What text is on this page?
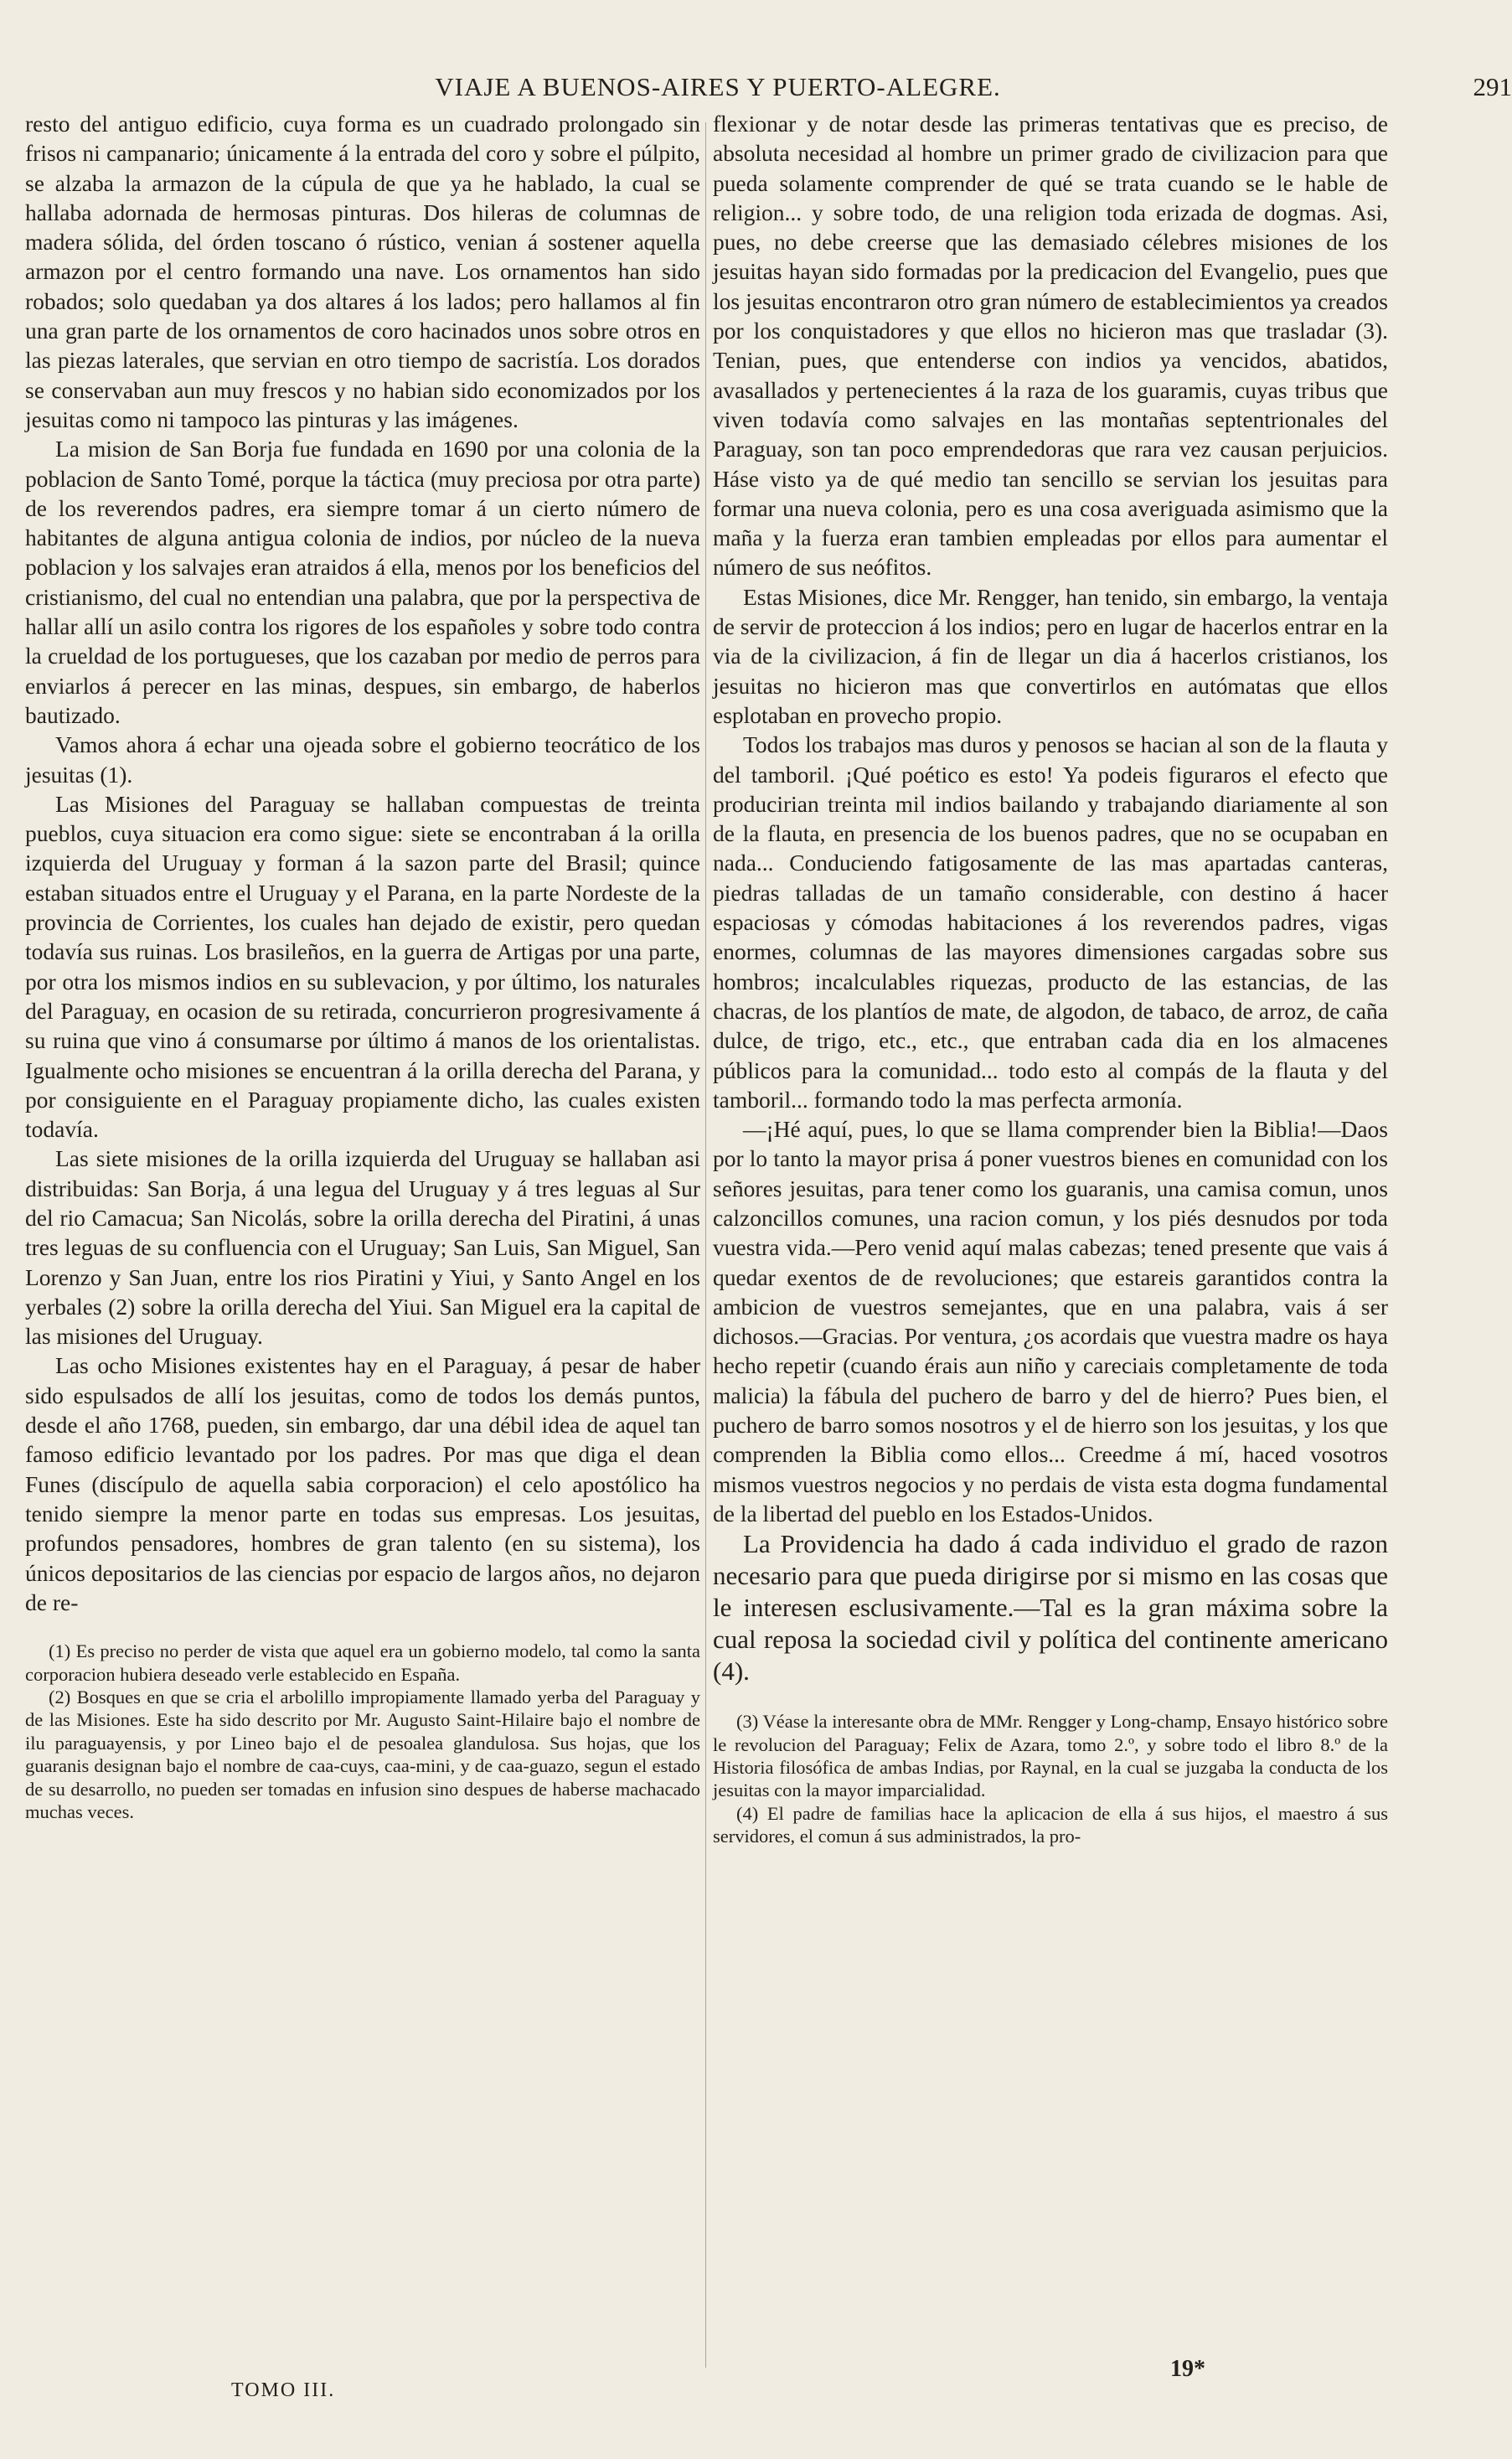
VIAJE A BUENOS-AIRES Y PUERTO-ALEGRE.	291

resto del antiguo edificio, cuya forma es un cuadrado prolongado sin frisos ni campanario; únicamente á la entrada del coro y sobre el púlpito, se alzaba la armazon de la cúpula de que ya he hablado, la cual se hallaba adornada de hermosas pinturas. Dos hileras de columnas de madera sólida, del órden toscano ó rústico, venian á sostener aquella armazon por el centro formando una nave. Los ornamentos han sido robados; solo quedaban ya dos altares á los lados; pero hallamos al fin una gran parte de los ornamentos de coro hacinados unos sobre otros en las piezas laterales, que servian en otro tiempo de sacristía. Los dorados se conservaban aun muy frescos y no habian sido economizados por los jesuitas como ni tampoco las pinturas y las imágenes.

La mision de San Borja fue fundada en 1690 por una colonia de la poblacion de Santo Tomé, porque la táctica (muy preciosa por otra parte) de los reverendos padres, era siempre tomar á un cierto número de habitantes de alguna antigua colonia de indios, por núcleo de la nueva poblacion y los salvajes eran atraidos á ella, menos por los beneficios del cristianismo, del cual no entendian una palabra, que por la perspectiva de hallar allí un asilo contra los rigores de los españoles y sobre todo contra la crueldad de los portugueses, que los cazaban por medio de perros para enviarlos á perecer en las minas, despues, sin embargo, de haberlos bautizado.

Vamos ahora á echar una ojeada sobre el gobierno teocrático de los jesuitas (1).

Las Misiones del Paraguay se hallaban compuestas de treinta pueblos, cuya situacion era como sigue: siete se encontraban á la orilla izquierda del Uruguay y forman á la sazon parte del Brasil; quince estaban situados entre el Uruguay y el Parana, en la parte Nordeste de la provincia de Corrientes, los cuales han dejado de existir, pero quedan todavía sus ruinas. Los brasileños, en la guerra de Artigas por una parte, por otra los mismos indios en su sublevacion, y por último, los naturales del Paraguay, en ocasion de su retirada, concurrieron progresivamente á su ruina que vino á consumarse por último á manos de los orientalistas. Igualmente ocho misiones se encuentran á la orilla derecha del Parana, y por consiguiente en el Paraguay propiamente dicho, las cuales existen todavía.

Las siete misiones de la orilla izquierda del Uruguay se hallaban asi distribuidas: San Borja, á una legua del Uruguay y á tres leguas al Sur del rio Camacua; San Nicolás, sobre la orilla derecha del Piratini, á unas tres leguas de su confluencia con el Uruguay; San Luis, San Miguel, San Lorenzo y San Juan, entre los rios Piratini y Yiui, y Santo Angel en los yerbales (2) sobre la orilla derecha del Yiui. San Miguel era la capital de las misiones del Uruguay.

Las ocho Misiones existentes hay en el Paraguay, á pesar de haber sido espulsados de allí los jesuitas, como de todos los demás puntos, desde el año 1768, pueden, sin embargo, dar una débil idea de aquel tan famoso edificio levantado por los padres. Por mas que diga el dean Funes (discípulo de aquella sabia corporacion) el celo apostólico ha tenido siempre la menor parte en todas sus empresas. Los jesuitas, profundos pensadores, hombres de gran talento (en su sistema), los únicos depositarios de las ciencias por espacio de largos años, no dejaron de re-

(1) Es preciso no perder de vista que aquel era un gobierno modelo, tal como la santa corporacion hubiera deseado verle establecido en España.

(2) Bosques en que se cria el arbolillo impropiamente llamado yerba del Paraguay y de las Misiones. Este ha sido descrito por Mr. Augusto Saint-Hilaire bajo el nombre de ilu paraguayensis, y por Lineo bajo el de pesoalea glandulosa. Sus hojas, que los guaranis designan bajo el nombre de caa-cuys, caa-mini, y de caa-guazo, segun el estado de su desarrollo, no pueden ser tomadas en infusion sino despues de haberse machacado muchas veces.

flexionar y de notar desde las primeras tentativas que es preciso, de absoluta necesidad al hombre un primer grado de civilizacion para que pueda solamente comprender de qué se trata cuando se le hable de religion... y sobre todo, de una religion toda erizada de dogmas. Asi, pues, no debe creerse que las demasiado célebres misiones de los jesuitas hayan sido formadas por la predicacion del Evangelio, pues que los jesuitas encontraron otro gran número de establecimientos ya creados por los conquistadores y que ellos no hicieron mas que trasladar (3). Tenian, pues, que entenderse con indios ya vencidos, abatidos, avasallados y pertenecientes á la raza de los guaramis, cuyas tribus que viven todavía como salvajes en las montañas septentrionales del Paraguay, son tan poco emprendedoras que rara vez causan perjuicios. Háse visto ya de qué medio tan sencillo se servian los jesuitas para formar una nueva colonia, pero es una cosa averiguada asimismo que la maña y la fuerza eran tambien empleadas por ellos para aumentar el número de sus neófitos.

Estas Misiones, dice Mr. Rengger, han tenido, sin embargo, la ventaja de servir de proteccion á los indios; pero en lugar de hacerlos entrar en la via de la civilizacion, á fin de llegar un dia á hacerlos cristianos, los jesuitas no hicieron mas que convertirlos en autómatas que ellos esplotaban en provecho propio.

Todos los trabajos mas duros y penosos se hacian al son de la flauta y del tamboril. ¡Qué poético es esto! Ya podeis figuraros el efecto que producirian treinta mil indios bailando y trabajando diariamente al son de la flauta, en presencia de los buenos padres, que no se ocupaban en nada... Conduciendo fatigosamente de las mas apartadas canteras, piedras talladas de un tamaño considerable, con destino á hacer espaciosas y cómodas habitaciones á los reverendos padres, vigas enormes, columnas de las mayores dimensiones cargadas sobre sus hombros; incalculables riquezas, producto de las estancias, de las chacras, de los plantíos de mate, de algodon, de tabaco, de arroz, de caña dulce, de trigo, etc., etc., que entraban cada dia en los almacenes públicos para la comunidad... todo esto al compás de la flauta y del tamboril... formando todo la mas perfecta armonía.

—¡Hé aquí, pues, lo que se llama comprender bien la Biblia!—Daos por lo tanto la mayor prisa á poner vuestros bienes en comunidad con los señores jesuitas, para tener como los guaranis, una camisa comun, unos calzoncillos comunes, una racion comun, y los piés desnudos por toda vuestra vida.—Pero venid aquí malas cabezas; tened presente que vais á quedar exentos de de revoluciones; que estareis garantidos contra la ambicion de vuestros semejantes, que en una palabra, vais á ser dichosos.—Gracias. Por ventura, ¿os acordais que vuestra madre os haya hecho repetir (cuando érais aun niño y careciais completamente de toda malicia) la fábula del puchero de barro y del de hierro? Pues bien, el puchero de barro somos nosotros y el de hierro son los jesuitas, y los que comprenden la Biblia como ellos... Creedme á mí, haced vosotros mismos vuestros negocios y no perdais de vista esta dogma fundamental de la libertad del pueblo en los Estados-Unidos.

La Providencia ha dado á cada individuo el grado de razon necesario para que pueda dirigirse por si mismo en las cosas que le interesen esclusivamente.—Tal es la gran máxima sobre la cual reposa la sociedad civil y política del continente americano (4).

(3) Véase la interesante obra de MMr. Rengger y Long-champ, Ensayo histórico sobre le revolucion del Paraguay; Felix de Azara, tomo 2.º, y sobre todo el libro 8.º de la Historia filosófica de ambas Indias, por Raynal, en la cual se juzgaba la conducta de los jesuitas con la mayor imparcialidad.

(4) El padre de familias hace la aplicacion de ella á sus hijos, el maestro á sus servidores, el comun á sus administrados, la pro-

TOMO III.
19*
